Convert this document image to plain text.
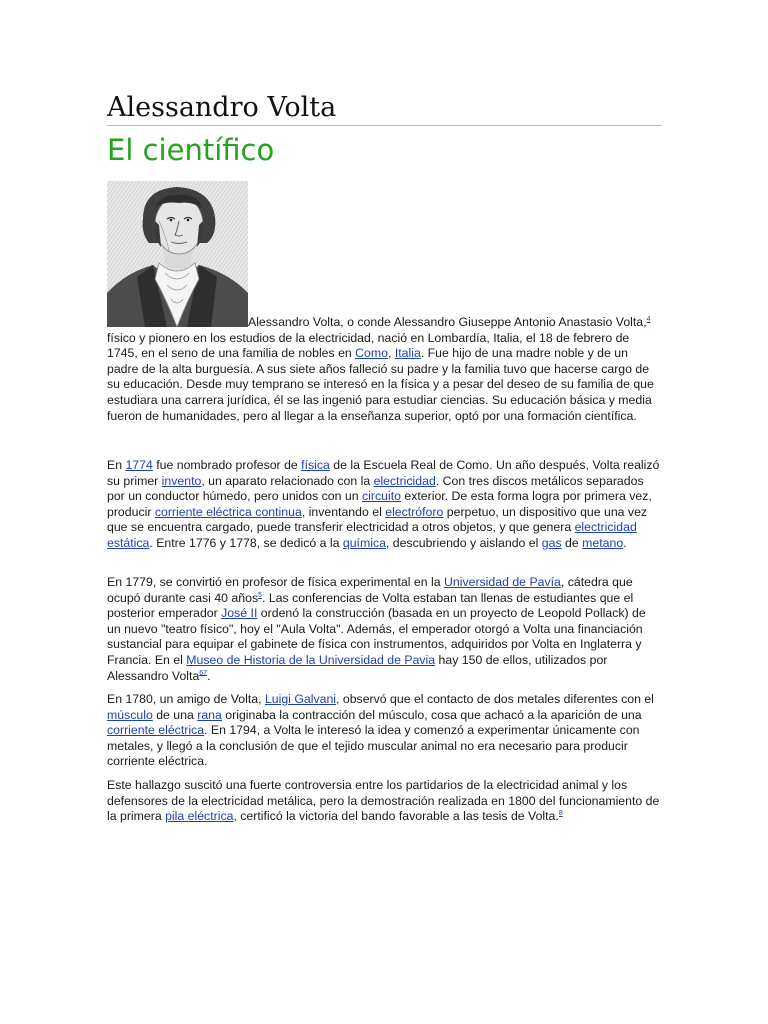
Alessandro Volta
El científico

Alessandro Volta, o conde Alessandro Giuseppe Antonio Anastasio Volta,$^4$ físico y pionero en los estudios de la electricidad, nació en Lombardía, Italia, el 18 de febrero de 1745, en el seno de una familia de nobles en Como, Italia. Fue hijo de una madre noble y de un padre de la alta burguesía. A sus siete años falleció su padre y la familia tuvo que hacerse cargo de su educación. Desde muy temprano se interesó en la física y a pesar del deseo de su familia de que estudiara una carrera jurídica, él se las ingenió para estudiar ciencias. Su educación básica y media fueron de humanidades, pero al llegar a la enseñanza superior, optó por una formación científica.

En 1774 fue nombrado profesor de física de la Escuela Real de Como. Un año después, Volta realizó su primer invento, un aparato relacionado con la electricidad. Con tres discos metálicos separados por un conductor húmedo, pero unidos con un circuito exterior. De esta forma logra por primera vez, producir corriente eléctrica continua, inventando el electróforo perpetuo, un dispositivo que una vez que se encuentra cargado, puede transferir electricidad a otros objetos, y que genera electricidad estática. Entre 1776 y 1778, se dedicó a la química, descubriendo y aislando el gas de metano.

En 1779, se convirtió en profesor de física experimental en la Universidad de Pavía, cátedra que ocupó durante casi 40 años$^5$. Las conferencias de Volta estaban tan llenas de estudiantes que el posterior emperador José II ordenó la construcción (basada en un proyecto de Leopold Pollack) de un nuevo "teatro físico", hoy el "Aula Volta". Además, el emperador otorgó a Volta una financiación sustancial para equipar el gabinete de física con instrumentos, adquiridos por Volta en Inglaterra y Francia. En el Museo de Historia de la Universidad de Pavia hay 150 de ellos, utilizados por Alessandro Volta$^{67}$.

En 1780, un amigo de Volta, Luigi Galvani, observó que el contacto de dos metales diferentes con el músculo de una rana originaba la contracción del músculo, cosa que achacó a la aparición de una corriente eléctrica. En 1794, a Volta le interesó la idea y comenzó a experimentar únicamente con metales, y llegó a la conclusión de que el tejido muscular animal no era necesario para producir corriente eléctrica.

Este hallazgo suscitó una fuerte controversia entre los partidarios de la electricidad animal y los defensores de la electricidad metálica, pero la demostración realizada en 1800 del funcionamiento de la primera pila eléctrica, certificó la victoria del bando favorable a las tesis de Volta.$^8$
